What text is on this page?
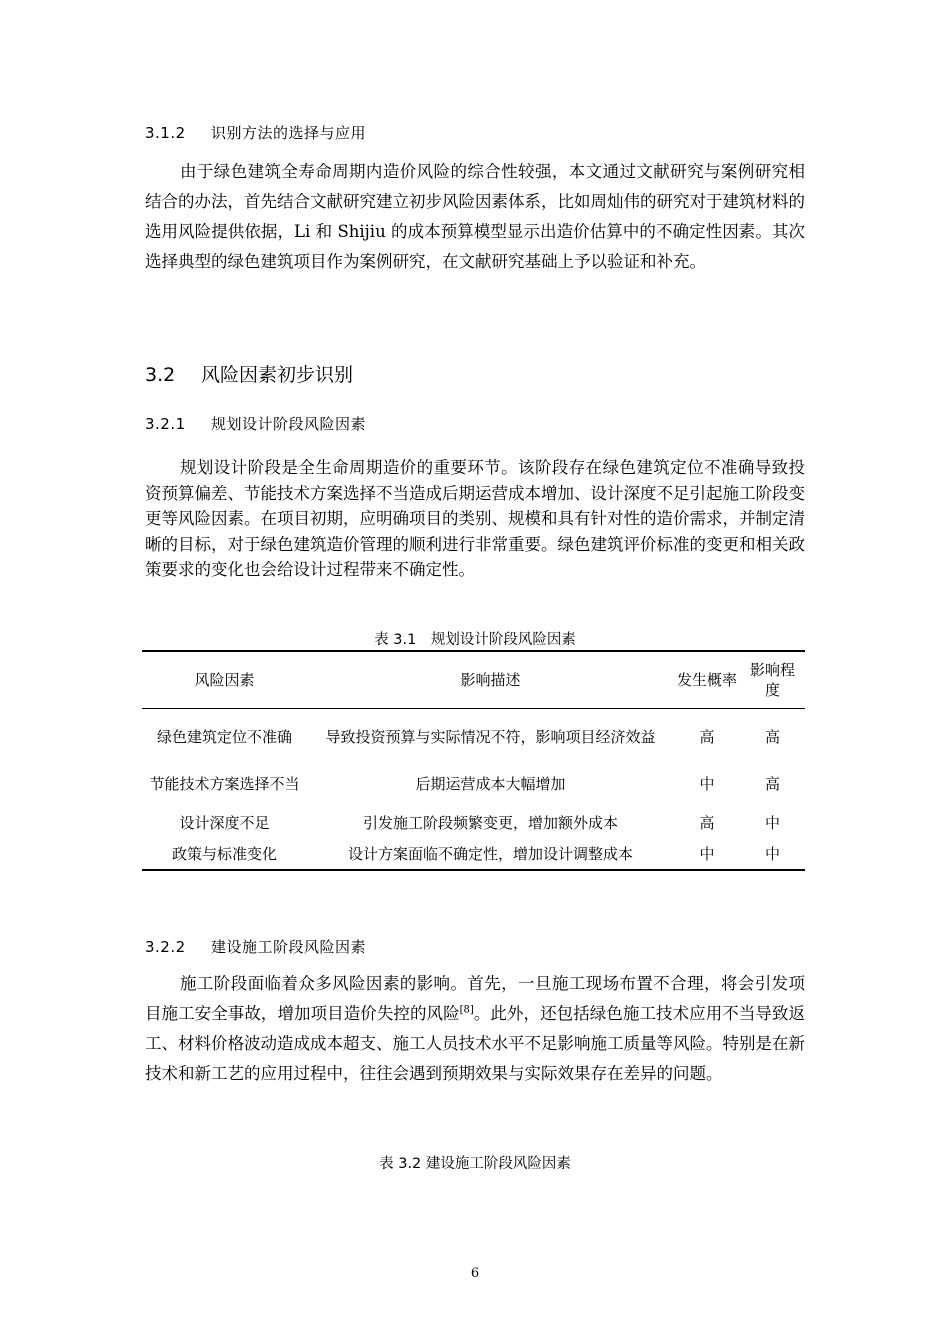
3.1.2 识别方法的选择与应用

由于绿色建筑全寿命周期内造价风险的综合性较强，本文通过文献研究与案例研究相结合的办法，首先结合文献研究建立初步风险因素体系，比如周灿伟的研究对于建筑材料的选用风险提供依据，Li 和 Shijiu 的成本预算模型显示出造价估算中的不确定性因素。其次选择典型的绿色建筑项目作为案例研究，在文献研究基础上予以验证和补充。

3.2 风险因素初步识别
3.2.1 规划设计阶段风险因素

规划设计阶段是全生命周期造价的重要环节。该阶段存在绿色建筑定位不准确导致投资预算偏差、节能技术方案选择不当造成后期运营成本增加、设计深度不足引起施工阶段变更等风险因素。在项目初期，应明确项目的类别、规模和具有针对性的造价需求，并制定清晰的目标，对于绿色建筑造价管理的顺利进行非常重要。绿色建筑评价标准的变更和相关政策要求的变化也会给设计过程带来不确定性。

表 3.1　规划设计阶段风险因素
风险因素	影响描述	发生概率	影响程度
绿色建筑定位不准确	导致投资预算与实际情况不符，影响项目经济效益	高	高
节能技术方案选择不当	后期运营成本大幅增加	中	高
设计深度不足	引发施工阶段频繁变更，增加额外成本	高	中
政策与标准变化	设计方案面临不确定性，增加设计调整成本	中	中
3.2.2 建设施工阶段风险因素

施工阶段面临着众多风险因素的影响。首先，一旦施工现场布置不合理，将会引发项目施工安全事故，增加项目造价失控的风险[8]。此外，还包括绿色施工技术应用不当导致返工、材料价格波动造成成本超支、施工人员技术水平不足影响施工质量等风险。特别是在新技术和新工艺的应用过程中，往往会遇到预期效果与实际效果存在差异的问题。

表 3.2 建设施工阶段风险因素
6
